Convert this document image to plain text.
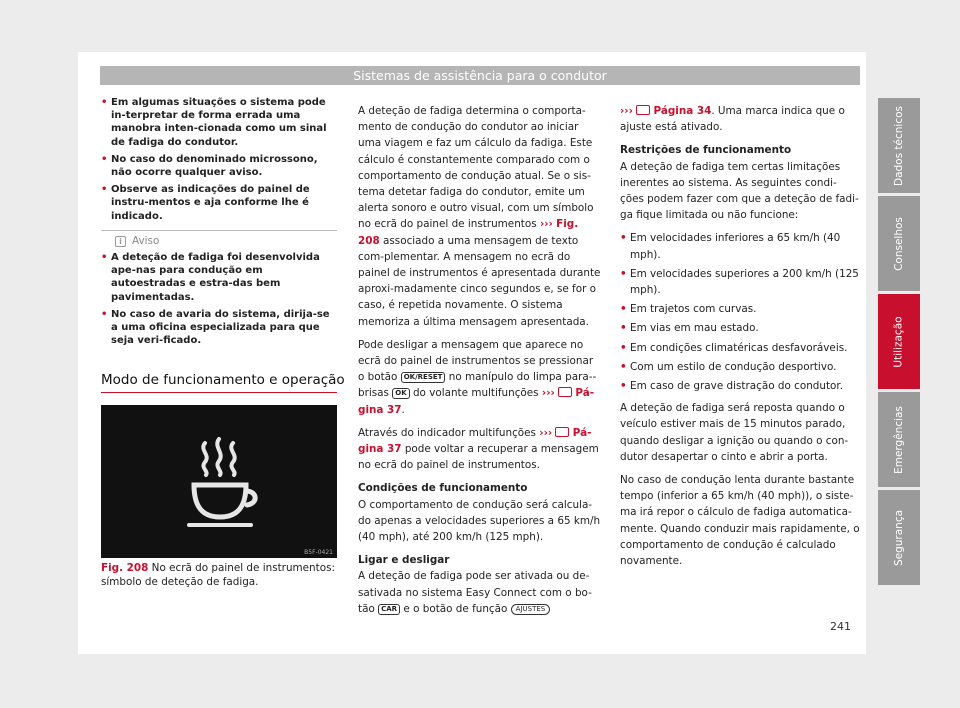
Sistemas de assistência para o condutor

• Em algumas situações o sistema pode in-terpretar de forma errada uma manobra inten-cionada como um sinal de fadiga do condutor.

• No caso do denominado microssono, não ocorre qualquer aviso.

• Observe as indicações do painel de instru-mentos e aja conforme lhe é indicado.

i Aviso

• A deteção de fadiga foi desenvolvida ape-nas para condução em autoestradas e estra-das bem pavimentadas.

• No caso de avaria do sistema, dirija-se a uma oficina especializada para que seja veri-ficado.

Modo de funcionamento e operação
B5F-0421
Fig. 208 No ecrã do painel de instrumentos: símbolo de deteção de fadiga.

A deteção de fadiga determina o comporta-mento de condução do condutor ao iniciar uma viagem e faz um cálculo da fadiga. Este cálculo é constantemente comparado com o comportamento de condução atual. Se o sis-tema detetar fadiga do condutor, emite um alerta sonoro e outro visual, com um símbolo no ecrã do painel de instrumentos ››› Fig. 208 associado a uma mensagem de texto com-plementar. A mensagem no ecrã do painel de instrumentos é apresentada durante aproxi-madamente cinco segundos e, se for o caso, é repetida novamente. O sistema memoriza a última mensagem apresentada.

Pode desligar a mensagem que aparece no ecrã do painel de instrumentos se pressionar o botão OK/RESET no manípulo do limpa para--brisas OK do volante multifunções ››› Pá-gina 37.

Através do indicador multifunções ››› Pá-gina 37 pode voltar a recuperar a mensagem no ecrã do painel de instrumentos.

Condições de funcionamento

O comportamento de condução será calcula-do apenas a velocidades superiores a 65 km/h (40 mph), até 200 km/h (125 mph).

Ligar e desligar

A deteção de fadiga pode ser ativada ou de-sativada no sistema Easy Connect com o bo-tão CAR e o botão de função AJUSTES

››› Página 34. Uma marca indica que o ajuste está ativado.

Restrições de funcionamento

A deteção de fadiga tem certas limitações inerentes ao sistema. As seguintes condi-ções podem fazer com que a deteção de fadi-ga fique limitada ou não funcione:

• Em velocidades inferiores a 65 km/h (40 mph).

• Em velocidades superiores a 200 km/h (125 mph).

• Em trajetos com curvas.

• Em vias em mau estado.

• Em condições climatéricas desfavoráveis.

• Com um estilo de condução desportivo.

• Em caso de grave distração do condutor.

A deteção de fadiga será reposta quando o veículo estiver mais de 15 minutos parado, quando desligar a ignição ou quando o con-dutor desapertar o cinto e abrir a porta.

No caso de condução lenta durante bastante tempo (inferior a 65 km/h (40 mph)), o siste-ma irá repor o cálculo de fadiga automatica-mente. Quando conduzir mais rapidamente, o comportamento de condução é calculado novamente.

Dados técnicos
Conselhos
Utilização
Emergências
Segurança
241
